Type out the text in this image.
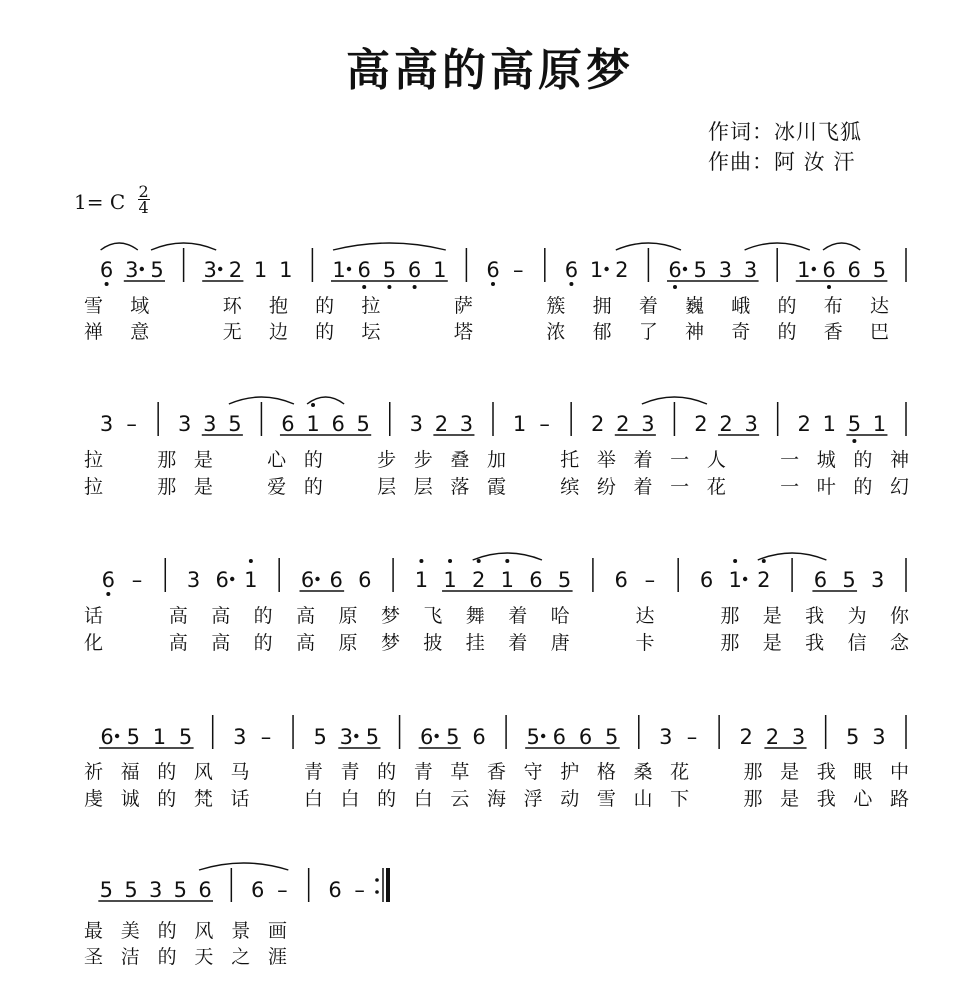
高高的高原梦
作词：冰川飞狐
作曲：阿 汝 汗
1= C $\frac{2}{4}$
6 3 5 3 2 1 1 1 6 5 6 1 6 – 6 1 2 6 5 3 3 1 6 6 5
雪 域	环 抱 的 拉	萨	簇 拥 着 巍 峨 的 布 达
禅 意	无 边 的 坛	塔	浓 郁 了 神 奇 的 香 巴
3 – 3 3 5 6 1 6 5 3 2 3 1 – 2 2 3 2 2 3 2 1 5 1
拉	那 是	心 的	步 步 叠 加	托 举 着 一 人	一 城 的 神
拉	那 是	爱 的	层 层 落 霞	缤 纷 着 一 花	一 叶 的 幻
6 – 3 6 1 6 6 6 1 1 2 1 6 5 6 – 6 1 2 6 5 3
话	高 高 的 高 原 梦 飞 舞 着 哈	达	那 是 我 为 你
化	高 高 的 高 原 梦 披 挂 着 唐	卡	那 是 我 信 念
6 5 1 5 3 – 5 3 5 6 5 6 5 6 6 5 3 – 2 2 3 5 3
祈 福 的 风 马	青 青 的 青 草 香 守 护 格 桑 花	那 是 我 眼 中
虔 诚 的 梵 话	白 白 的 白 云 海 浮 动 雪 山 下	那 是 我 心 路
5 5 3 5 6 6 – 6 –
最 美 的 风 景 画
圣 洁 的 天 之 涯
